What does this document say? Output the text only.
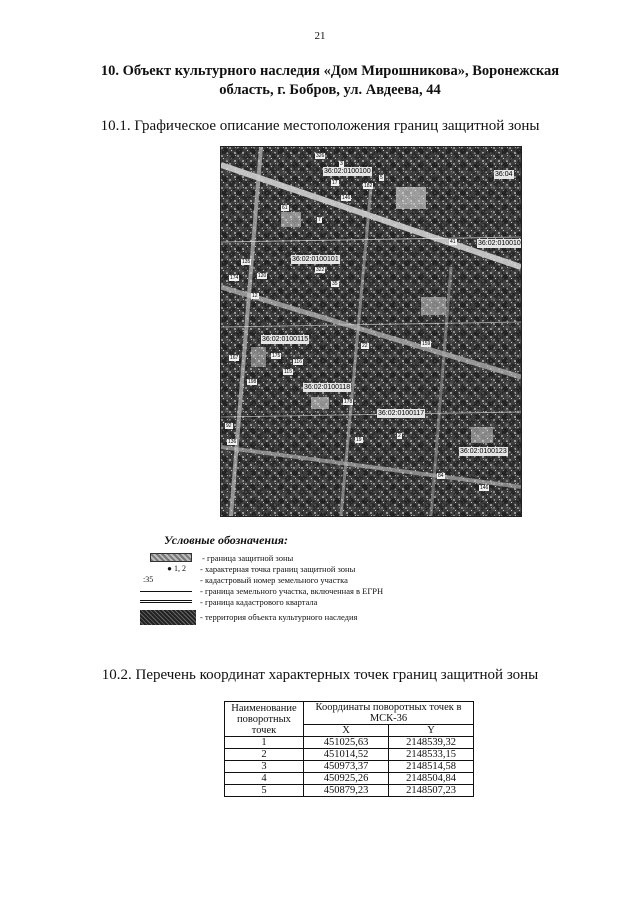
21
10. Объект культурного наследия «Дом Мирошникова», Воронежская область, г. Бобров, ул. Авдеева, 44
10.1. Графическое описание местоположения границ защитной зоны
36:02:0100100	36:04
36:02:010010
36:02:0100101
36:02:0100115
36:02:0100118
36:02:0100117
36:02:0100123
326
3
17	182
5
146
61
7
41
135
120
322
174
35
12
167
198
175
22	159
115
116
178
92
136	19
2
84
146
Условные обозначения:
- граница защитной зоны
● 1, 2	- характерная точка границ защитной зоны
:35	- кадастровый номер земельного участка
- граница земельного участка, включенная в ЕГРН
- граница кадастрового квартала
- территория объекта культурного наследия
10.2. Перечень координат характерных точек границ защитной зоны
Наименование поворотных точек	Координаты поворотных точек в МСК-36	
	X	Y
1	451025,63	2148539,32
2	451014,52	2148533,15
3	450973,37	2148514,58
4	450925,26	2148504,84
5	450879,23	2148507,23
